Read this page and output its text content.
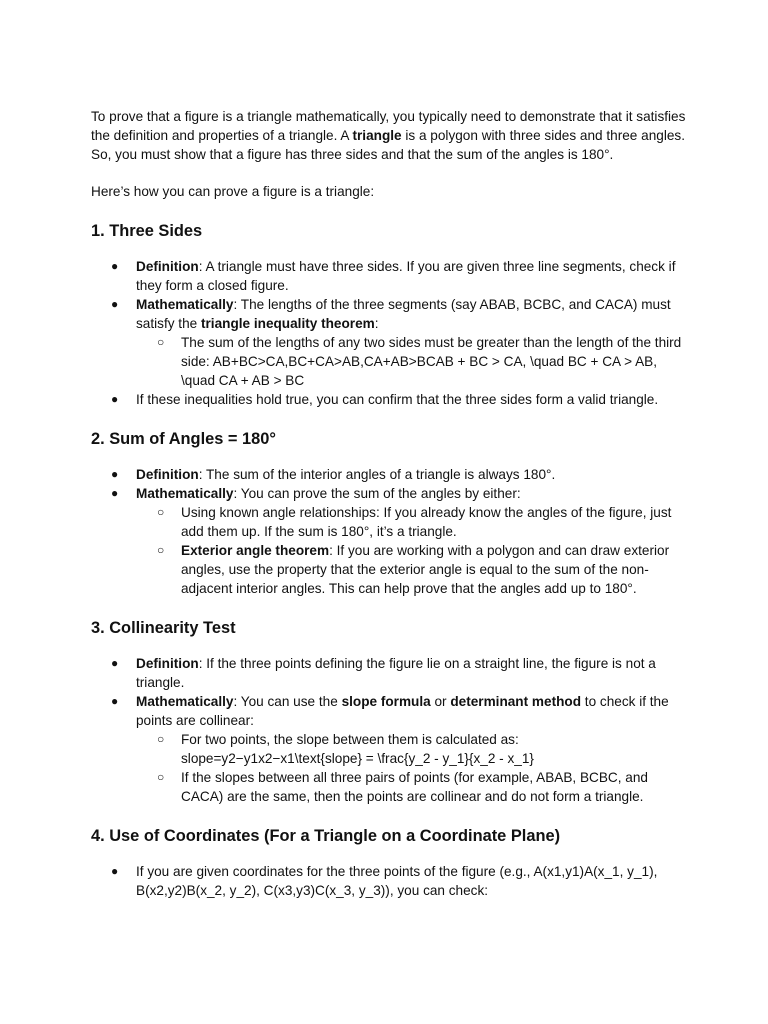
To prove that a figure is a triangle mathematically, you typically need to demonstrate that it satisfies the definition and properties of a triangle. A triangle is a polygon with three sides and three angles. So, you must show that a figure has three sides and that the sum of the angles is 180°.

Here’s how you can prove a figure is a triangle:

1. Three Sides
● Definition: A triangle must have three sides. If you are given three line segments, check if they form a closed figure.
● Mathematically: The lengths of the three segments (say ABAB, BCBC, and CACA) must satisfy the triangle inequality theorem:
○ The sum of the lengths of any two sides must be greater than the length of the third side: AB+BC>CA,BC+CA>AB,CA+AB>BCAB + BC > CA, \quad BC + CA > AB, \quad CA + AB > BC
● If these inequalities hold true, you can confirm that the three sides form a valid triangle.
2. Sum of Angles = 180°
● Definition: The sum of the interior angles of a triangle is always 180°.
● Mathematically: You can prove the sum of the angles by either:
○ Using known angle relationships: If you already know the angles of the figure, just add them up. If the sum is 180°, it’s a triangle.
○ Exterior angle theorem: If you are working with a polygon and can draw exterior angles, use the property that the exterior angle is equal to the sum of the non-adjacent interior angles. This can help prove that the angles add up to 180°.
3. Collinearity Test
● Definition: If the three points defining the figure lie on a straight line, the figure is not a triangle.
● Mathematically: You can use the slope formula or determinant method to check if the points are collinear:
○ For two points, the slope between them is calculated as: slope=y2−y1x2−x1\text{slope} = \frac{y_2 - y_1}{x_2 - x_1}
○ If the slopes between all three pairs of points (for example, ABAB, BCBC, and CACA) are the same, then the points are collinear and do not form a triangle.
4. Use of Coordinates (For a Triangle on a Coordinate Plane)
● If you are given coordinates for the three points of the figure (e.g., A(x1,y1)A(x_1, y_1), B(x2,y2)B(x_2, y_2), C(x3,y3)C(x_3, y_3)), you can check:
